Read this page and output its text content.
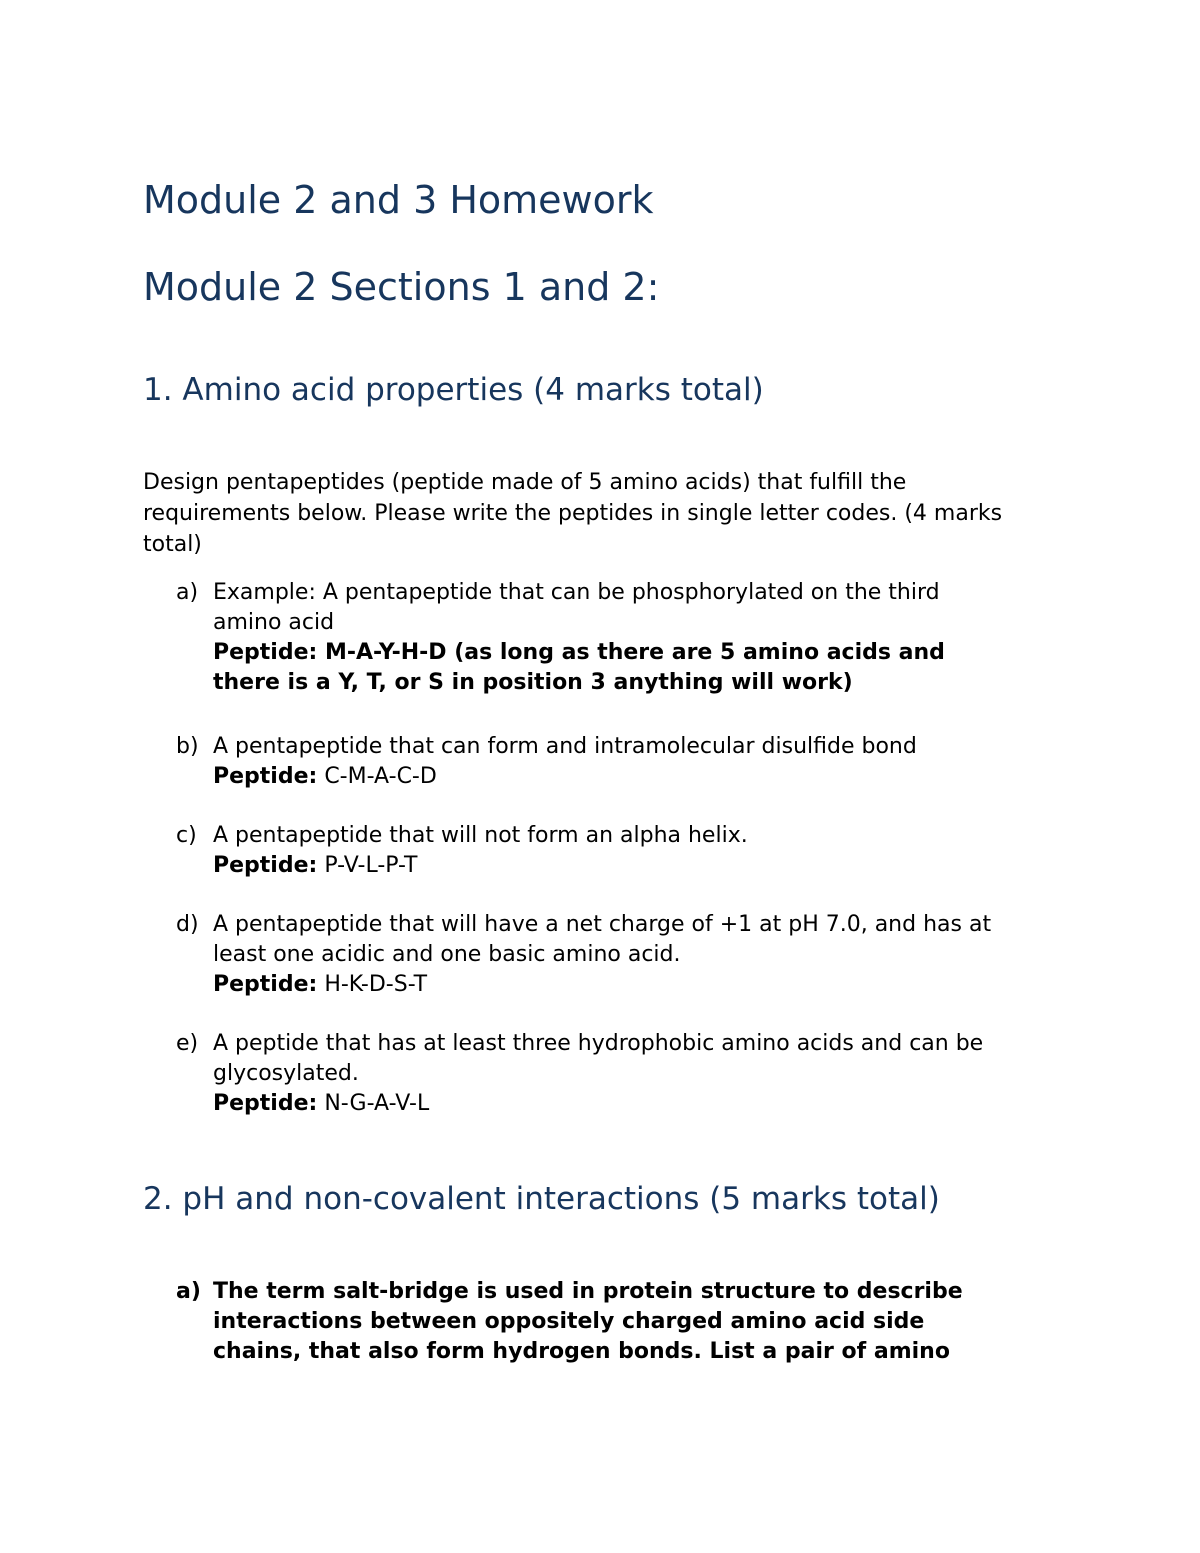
Module 2 and 3 Homework
Module 2 Sections 1 and 2:
1. Amino acid properties (4 marks total)

Design pentapeptides (peptide made of 5 amino acids) that fulfill the requirements below. Please write the peptides in single letter codes. (4 marks total)

a) Example: A pentapeptide that can be phosphorylated on the third
amino acid
Peptide: M-A-Y-H-D (as long as there are 5 amino acids and
there is a Y, T, or S in position 3 anything will work)
b) A pentapeptide that can form and intramolecular disulfide bond
Peptide: C-M-A-C-D
c) A pentapeptide that will not form an alpha helix.
Peptide: P-V-L-P-T
d) A pentapeptide that will have a net charge of +1 at pH 7.0, and has at
least one acidic and one basic amino acid.
Peptide: H-K-D-S-T
e) A peptide that has at least three hydrophobic amino acids and can be
glycosylated.
Peptide: N-G-A-V-L
2. pH and non-covalent interactions (5 marks total)
a) The term salt-bridge is used in protein structure to describe
interactions between oppositely charged amino acid side
chains, that also form hydrogen bonds. List a pair of amino
